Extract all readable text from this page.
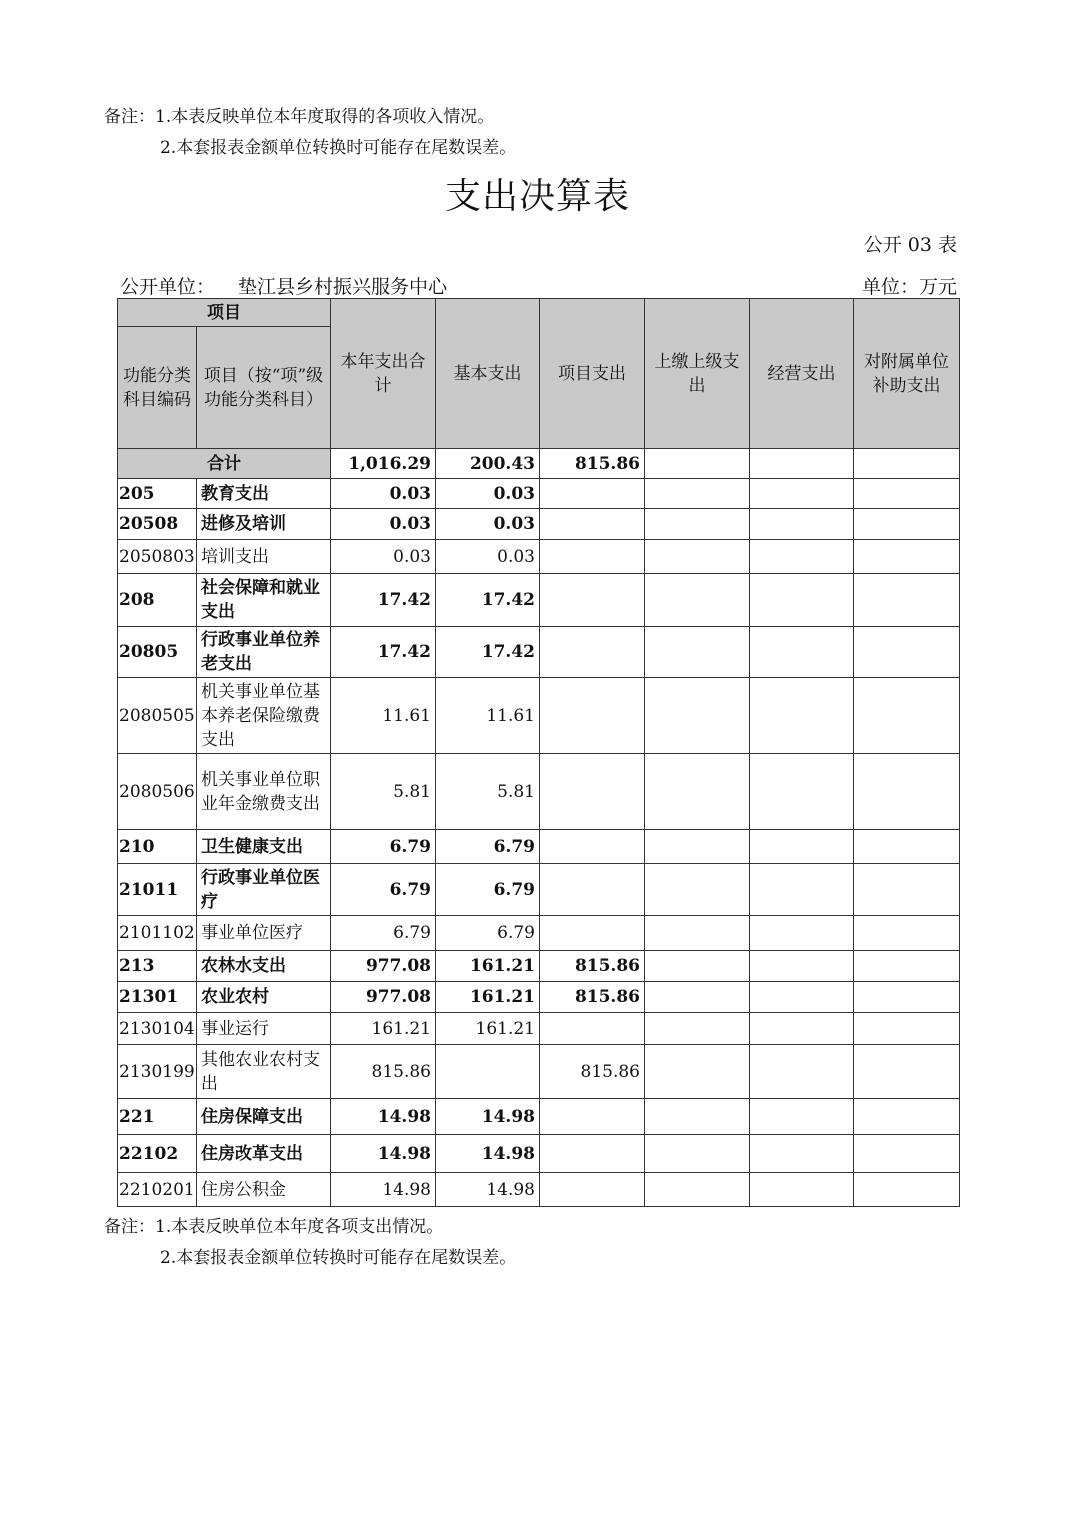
备注：1.本表反映单位本年度取得的各项收入情况。
2.本套报表金额单位转换时可能存在尾数误差。
支出决算表
公开 03 表
公开单位： 垫江县乡村振兴服务中心	单位：万元
项目		本年支出合计	基本支出	项目支出	上缴上级支出	经营支出	对附属单位补助支出
功能分类科目编码	项目（按“项”级功能分类科目）						
合计		1,016.29	200.43	815.86			
205	教育支出	0.03	0.03				
20508	进修及培训	0.03	0.03				
2050803	培训支出	0.03	0.03				
208	社会保障和就业支出	17.42	17.42				
20805	行政事业单位养老支出	17.42	17.42				
2080505	机关事业单位基本养老保险缴费支出	11.61	11.61				
2080506	机关事业单位职业年金缴费支出	5.81	5.81				
210	卫生健康支出	6.79	6.79				
21011	行政事业单位医疗	6.79	6.79				
2101102	事业单位医疗	6.79	6.79				
213	农林水支出	977.08	161.21	815.86			
21301	农业农村	977.08	161.21	815.86			
2130104	事业运行	161.21	161.21				
2130199	其他农业农村支出	815.86		815.86			
221	住房保障支出	14.98	14.98				
22102	住房改革支出	14.98	14.98				
2210201	住房公积金	14.98	14.98				
备注：1.本表反映单位本年度各项支出情况。
2.本套报表金额单位转换时可能存在尾数误差。
